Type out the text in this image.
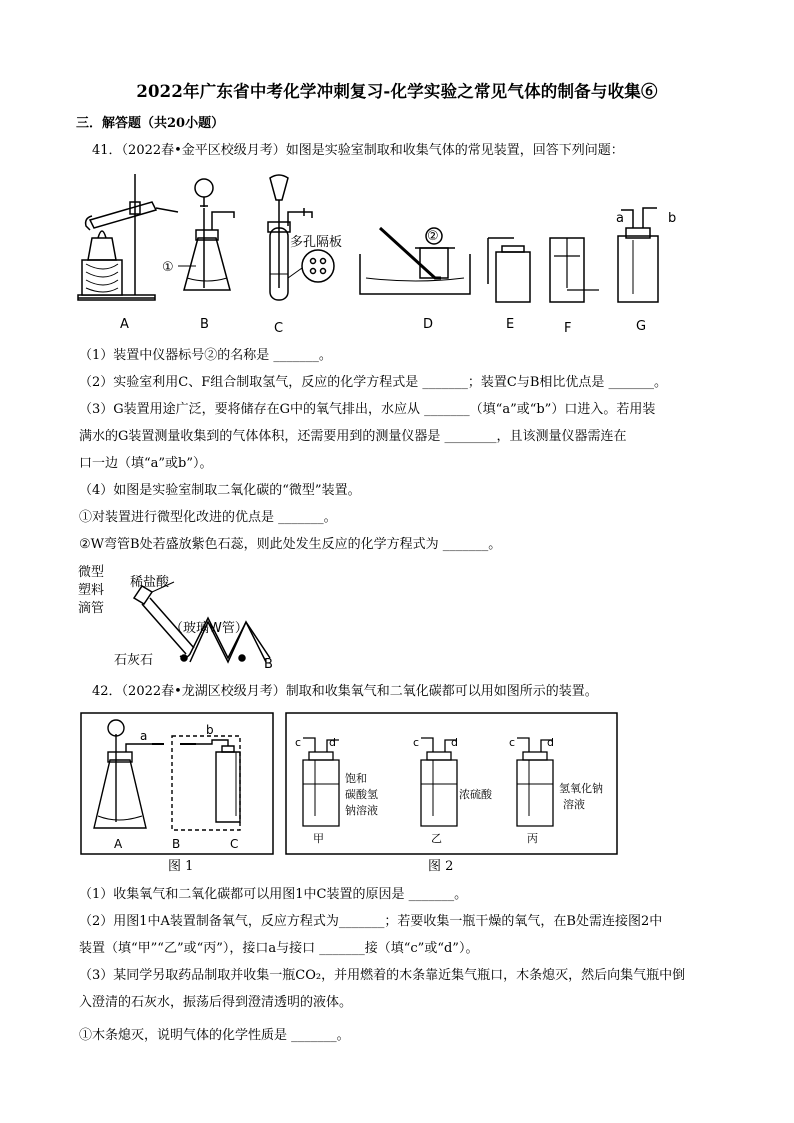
2022年广东省中考化学冲刺复习-化学实验之常见气体的制备与收集⑥
三．解答题（共20小题）
41．（2022春•金平区校级月考）如图是实验室制取和收集气体的常见装置，回答下列问题：
A	B	C	D	E	F	G
①
②
多孔隔板
a	b
（1）装置中仪器标号②的名称是 _______。
（2）实验室利用C、F组合制取氢气，反应的化学方程式是 _______；装置C与B相比优点是 _______。
（3）G装置用途广泛，要将储存在G中的氧气排出，水应从 _______（填“a”或“b”）口进入。若用装
满水的G装置测量收集到的气体体积，还需要用到的测量仪器是 ________，且该测量仪器需连在
口一边（填“a”或b”）。
（4）如图是实验室制取二氧化碳的“微型”装置。
①对装置进行微型化改进的优点是 _______。
②W弯管B处若盛放紫色石蕊，则此处发生反应的化学方程式为 _______。
微型
塑料
滴管
稀盐酸
（玻璃W管）
石灰石	B
42．（2022春•龙湖区校级月考）制取和收集氧气和二氧化碳都可以用如图所示的装置。
a	b
A	B	C
图 1
c	d	c	d	c	d
饱和
碳酸氢
钠溶液
浓硫酸	氢氧化钠
溶液
甲	乙	丙
图 2
（1）收集氧气和二氧化碳都可以用图1中C装置的原因是 _______。
（2）用图1中A装置制备氧气，反应方程式为_______；若要收集一瓶干燥的氧气，在B处需连接图2中
装置（填“甲”“乙”或“丙”），接口a与接口 _______接（填“c”或“d”）。
（3）某同学另取药品制取并收集一瓶CO₂，并用燃着的木条靠近集气瓶口，木条熄灭，然后向集气瓶中倒
入澄清的石灰水，振荡后得到澄清透明的液体。
①木条熄灭，说明气体的化学性质是 _______。
